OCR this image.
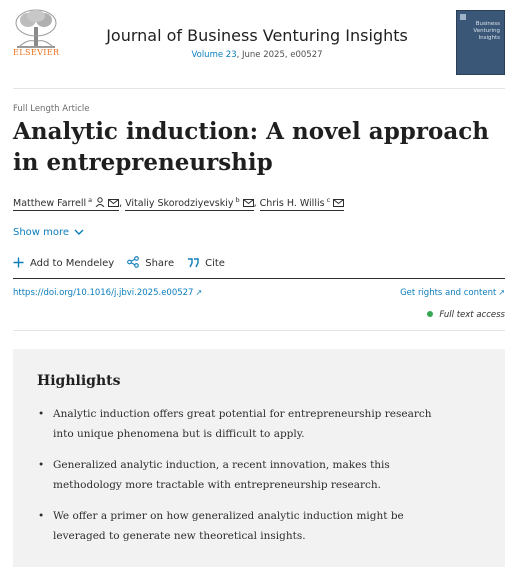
ELSEVIER
Journal of Business Venturing Insights
Volume 23, June 2025, e00527
Business Venturing Insights
Full Length Article
Analytic induction: A novel approach in entrepreneurship
Matthew Farrell $^a$	, Vitaliy Skorodziyevskiy $^b$ , Chris H. Willis $^c$
Show more
Add to Mendeley	Share	Cite
https://doi.org/10.1016/j.jbvi.2025.e00527 ↗	Get rights and content ↗
Full text access
Highlights
• Analytic induction offers great potential for entrepreneurship research into unique phenomena but is difficult to apply.
• Generalized analytic induction, a recent innovation, makes this methodology more tractable with entrepreneurship research.
• We offer a primer on how generalized analytic induction might be leveraged to generate new theoretical insights.
